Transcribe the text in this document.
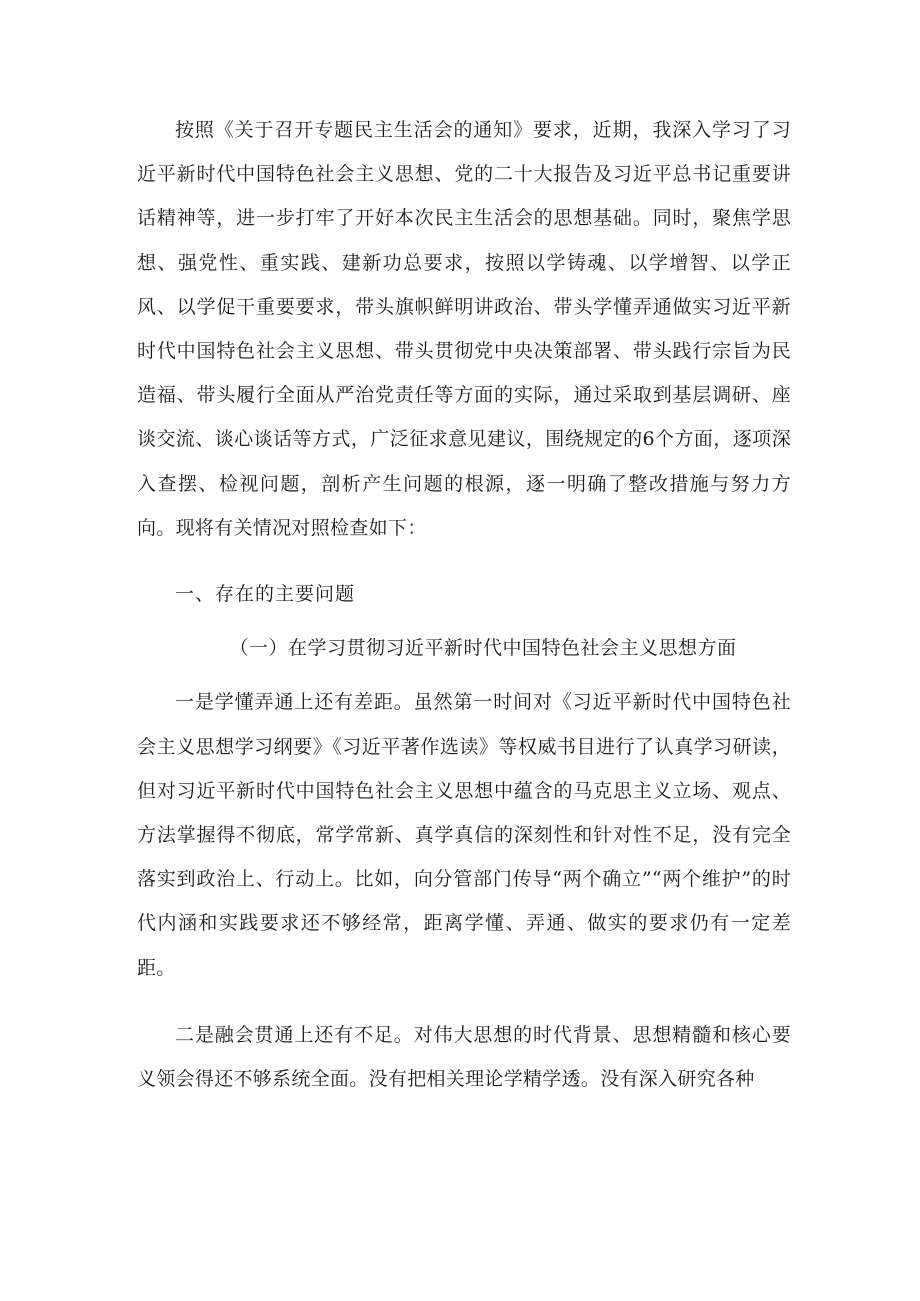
按照《关于召开专题民主生活会的通知》要求，近期，我深入学习了习近平新时代中国特色社会主义思想、党的二十大报告及习近平总书记重要讲话精神等，进一步打牢了开好本次民主生活会的思想基础。同时，聚焦学思想、强党性、重实践、建新功总要求，按照以学铸魂、以学增智、以学正风、以学促干重要要求，带头旗帜鲜明讲政治、带头学懂弄通做实习近平新时代中国特色社会主义思想、带头贯彻党中央决策部署、带头践行宗旨为民造福、带头履行全面从严治党责任等方面的实际，通过采取到基层调研、座谈交流、谈心谈话等方式，广泛征求意见建议，围绕规定的6个方面，逐项深入查摆、检视问题，剖析产生问题的根源，逐一明确了整改措施与努力方向。现将有关情况对照检查如下：

一、存在的主要问题

（一）在学习贯彻习近平新时代中国特色社会主义思想方面

一是学懂弄通上还有差距。虽然第一时间对《习近平新时代中国特色社会主义思想学习纲要》《习近平著作选读》等权威书目进行了认真学习研读，但对习近平新时代中国特色社会主义思想中蕴含的马克思主义立场、观点、方法掌握得不彻底，常学常新、真学真信的深刻性和针对性不足，没有完全落实到政治上、行动上。比如，向分管部门传导“两个确立”“两个维护”的时代内涵和实践要求还不够经常，距离学懂、弄通、做实的要求仍有一定差距。

二是融会贯通上还有不足。对伟大思想的时代背景、思想精髓和核心要义领会得还不够系统全面。没有把相关理论学精学透。没有深入研究各种
